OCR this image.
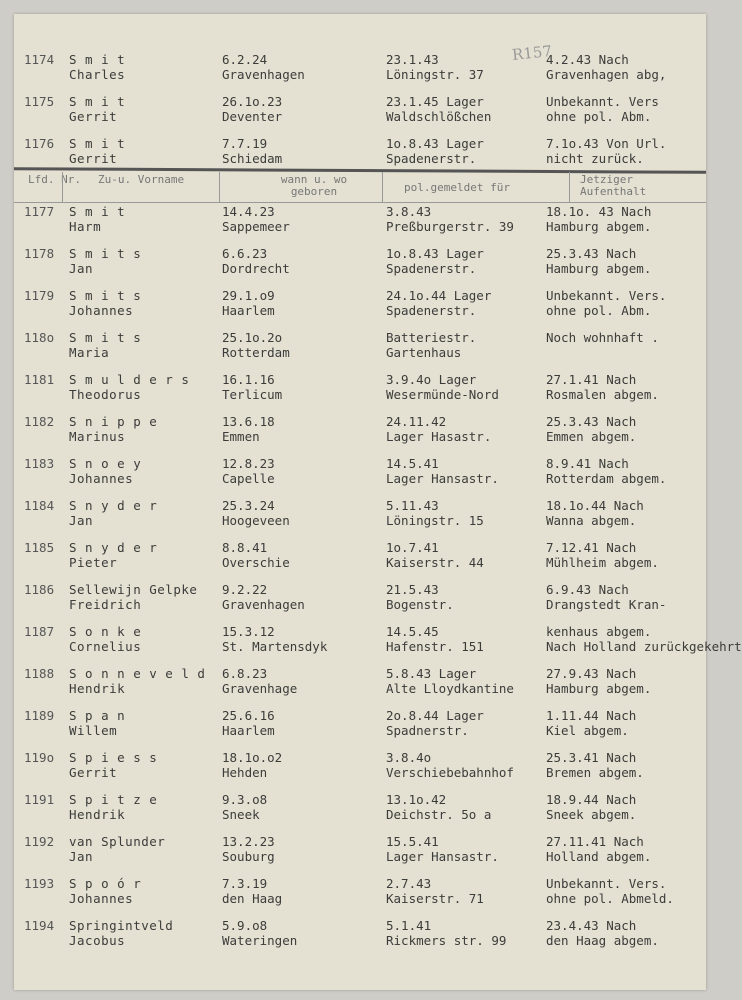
R157
Lfd. Nr. Zu-u. Vorname	wann u. wo geboren	pol.gemeldet für
Jetziger Aufenthalt
1174 S m i t
Charles
6.2.24
Gravenhagen
23.1.43
Löningstr. 37
4.2.43 Nach
Gravenhagen abg,
1175 S m i t
Gerrit
26.1o.23
Deventer
23.1.45 Lager
Waldschlößchen
Unbekannt. Vers
ohne pol. Abm.
1176 S m i t
Gerrit
7.7.19
Schiedam
1o.8.43 Lager
Spadenerstr.
7.1o.43 Von Url.
nicht zurück.
1177 S m i t
Harm
14.4.23
Sappemeer
3.8.43
Preßburgerstr. 39
18.1o. 43 Nach
Hamburg abgem.
1178 S m i t s
Jan
6.6.23
Dordrecht
1o.8.43 Lager
Spadenerstr.
25.3.43 Nach
Hamburg abgem.
1179 S m i t s
Johannes
29.1.o9
Haarlem
24.1o.44 Lager
Spadenerstr.
Unbekannt. Vers.
ohne pol. Abm.
118o S m i t s
Maria
25.1o.2o
Rotterdam
Batteriestr.
Gartenhaus
Noch wohnhaft .
1181 S m u l d e r s
Theodorus
16.1.16
Terlicum
3.9.4o Lager
Wesermünde-Nord
27.1.41 Nach
Rosmalen abgem.
1182 S n i p p e
Marinus
13.6.18
Emmen
24.11.42
Lager Hasastr.
25.3.43 Nach
Emmen abgem.
1183 S n o e y
Johannes
12.8.23
Capelle
14.5.41
Lager Hansastr.
8.9.41 Nach
Rotterdam abgem.
1184 S n y d e r
Jan
25.3.24
Hoogeveen
5.11.43
Löningstr. 15
18.1o.44 Nach
Wanna abgem.
1185 S n y d e r
Pieter
8.8.41
Overschie
1o.7.41
Kaiserstr. 44
7.12.41 Nach
Mühlheim abgem.
1186 Sellewijn Gelpke
Freidrich
9.2.22
Gravenhagen
21.5.43
Bogenstr.
6.9.43 Nach
Drangstedt Kran-
1187 S o n k e
Cornelius
15.3.12
St. Martensdyk
14.5.45
Hafenstr. 151
kenhaus abgem.
Nach Holland zurückgekehrt
1188 S o n n e v e l d
Hendrik
6.8.23
Gravenhage
5.8.43 Lager
Alte Lloydkantine
27.9.43 Nach
Hamburg abgem.
1189 S p a n
Willem
25.6.16
Haarlem
2o.8.44 Lager
Spadnerstr.
1.11.44 Nach
Kiel abgem.
119o S p i e s s
Gerrit
18.1o.o2
Hehden
3.8.4o
Verschiebebahnhof
25.3.41 Nach
Bremen abgem.
1191 S p i t z e
Hendrik
9.3.o8
Sneek
13.1o.42
Deichstr. 5o a
18.9.44 Nach
Sneek abgem.
1192 van Splunder
Jan
13.2.23
Souburg
15.5.41
Lager Hansastr.
27.11.41 Nach
Holland abgem.
1193 S p o ó r
Johannes
7.3.19
den Haag
2.7.43
Kaiserstr. 71
Unbekannt. Vers.
ohne pol. Abmeld.
1194 Springintveld
Jacobus
5.9.o8
Wateringen
5.1.41
Rickmers str. 99
23.4.43 Nach
den Haag abgem.
